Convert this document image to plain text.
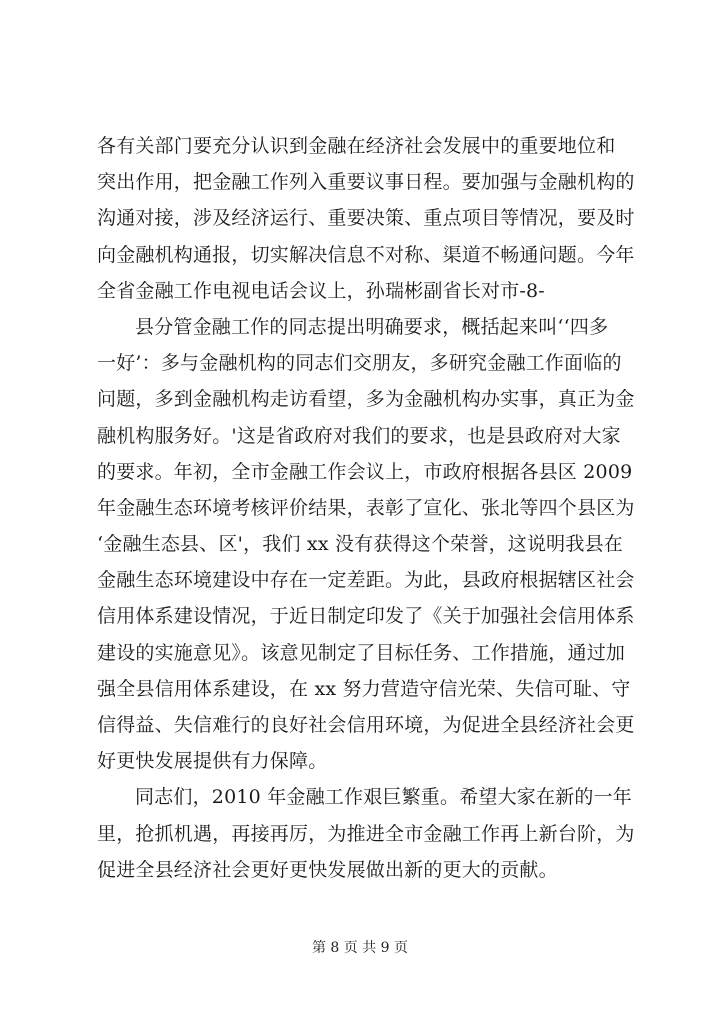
各有关部门要充分认识到金融在经济社会发展中的重要地位和
突出作用，把金融工作列入重要议事日程。要加强与金融机构的
沟通对接，涉及经济运行、重要决策、重点项目等情况，要及时
向金融机构通报，切实解决信息不对称、渠道不畅通问题。今年
全省金融工作电视电话会议上，孙瑞彬副省长对市-8-
县分管金融工作的同志提出明确要求，概括起来叫‘‘四多
一好’：多与金融机构的同志们交朋友，多研究金融工作面临的
问题，多到金融机构走访看望，多为金融机构办实事，真正为金
融机构服务好。'这是省政府对我们的要求，也是县政府对大家
的要求。年初，全市金融工作会议上，市政府根据各县区 2009
年金融生态环境考核评价结果，表彰了宣化、张北等四个县区为
‘金融生态县、区'，我们 xx 没有获得这个荣誉，这说明我县在
金融生态环境建设中存在一定差距。为此，县政府根据辖区社会
信用体系建设情况，于近日制定印发了《关于加强社会信用体系
建设的实施意见》。该意见制定了目标任务、工作措施，通过加
强全县信用体系建设，在 xx 努力营造守信光荣、失信可耻、守
信得益、失信难行的良好社会信用环境，为促进全县经济社会更
好更快发展提供有力保障。
同志们，2010 年金融工作艰巨繁重。希望大家在新的一年
里，抢抓机遇，再接再厉，为推进全市金融工作再上新台阶，为
促进全县经济社会更好更快发展做出新的更大的贡献。
第 8 页 共 9 页
